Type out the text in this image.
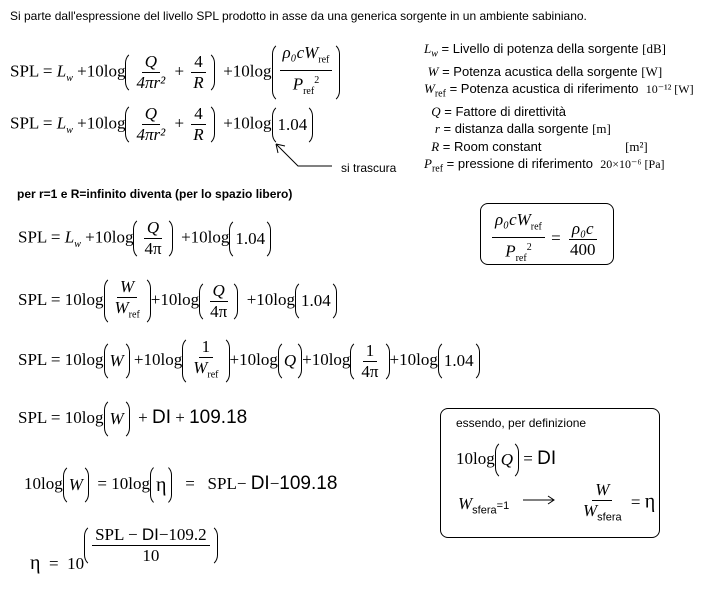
Si parte dall'espressione del livello SPL prodotto in asse da una generica sorgente in un ambiente sabiniano.
SPL = $L_w +10\log \frac{Q}{\text{4πr²}} + \frac{4}{R} +10\log \frac{\rho_0cW_{ref}}{P_{ref}^2}$
SPL = $L_w +10\log \frac{Q}{\text{4πr²}} + \frac{4}{R} +10\log$ 1.04
si trascura
$L_w$ = Livello di potenza della sorgente [dB]
W = Potenza acustica della sorgente [W]
$W_{ref}$ = Potenza acustica di riferimento 10⁻¹² [W]
Q = Fattore di direttività
r = distanza dalla sorgente [m]
R = Room constant	[m²]
$P_{ref}$ = pressione di riferimento 20×10⁻⁶ [Pa]
per r=1 e R=infinito diventa (per lo spazio libero)
SPL = $L_w +10\log \frac{Q}{4\pi} +10\log$ 1.04	$\frac{\rho_0cW_{ref}}{P_{ref}^2} = \frac{\text{ρ₀c}}{400}$
SPL = $10\log \frac{W}{W_{ref}} +10\log \frac{Q}{4\pi} +10\log$ 1.04
SPL = 10log $W +10\log \frac{1}{W_{ref}} +10\log$ $Q +10\log \frac{1}{4\pi} +10\log$ 1.04
SPL = 10log W + DI + 109.18	essendo, per definizione
10log Q = DI
$W_{sfera}=1$	$\frac{W}{W_{sfera}} = \eta$
10log W = 10log η = SPL− DI−109.18
$\eta = 10 \frac{\text{SPL − DI−109.2}}{10}$
